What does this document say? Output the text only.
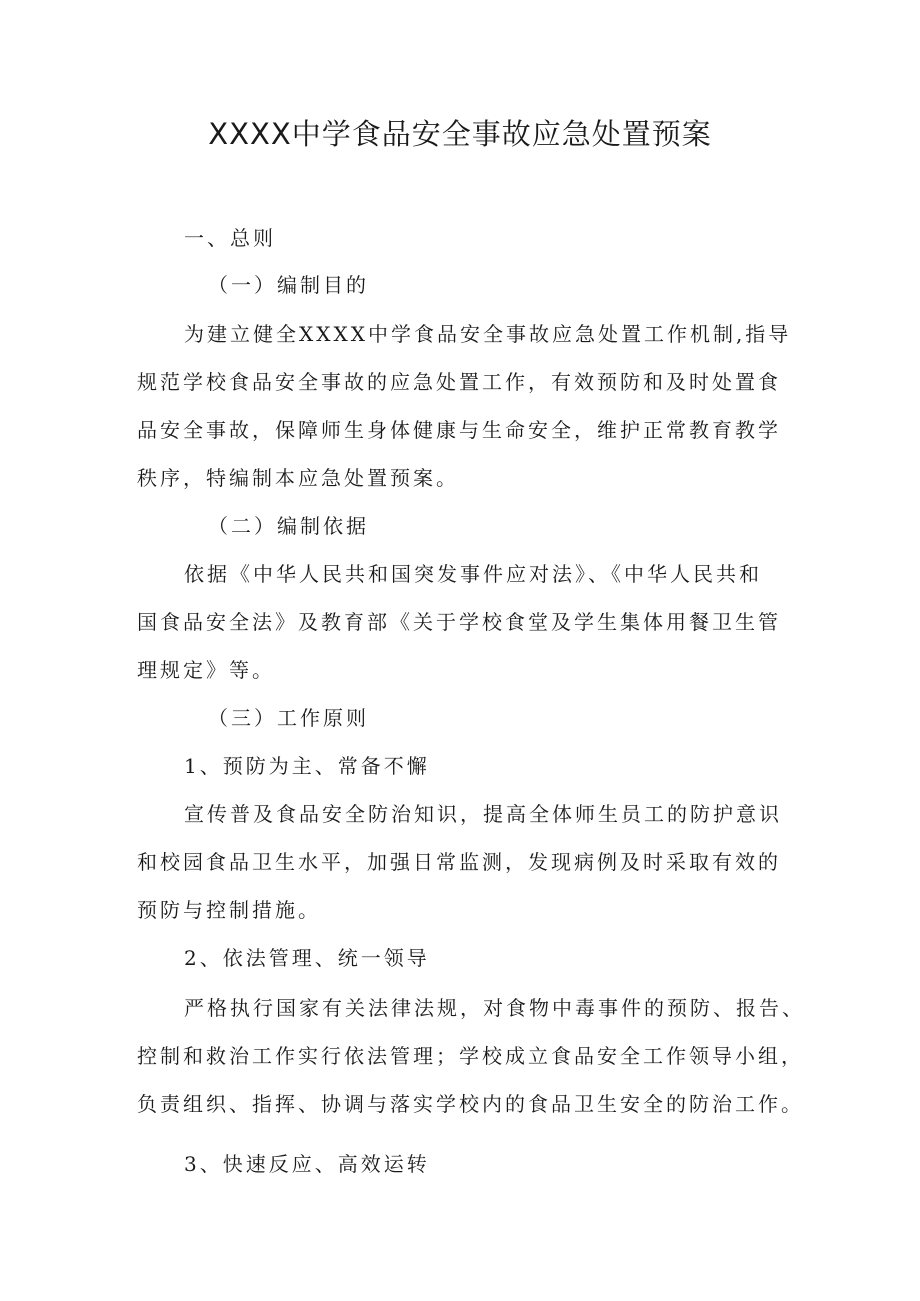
XXXX中学食品安全事故应急处置预案

一、总则

（一）编制目的

为建立健全XXXX中学食品安全事故应急处置工作机制,指导

规范学校食品安全事故的应急处置工作，有效预防和及时处置食

品安全事故，保障师生身体健康与生命安全，维护正常教育教学

秩序，特编制本应急处置预案。

（二）编制依据

依据《中华人民共和国突发事件应对法》、《中华人民共和

国食品安全法》及教育部《关于学校食堂及学生集体用餐卫生管

理规定》等。

（三）工作原则

1、预防为主、常备不懈

宣传普及食品安全防治知识，提高全体师生员工的防护意识

和校园食品卫生水平，加强日常监测，发现病例及时采取有效的

预防与控制措施。

2、依法管理、统一领导

严格执行国家有关法律法规，对食物中毒事件的预防、报告、

控制和救治工作实行依法管理；学校成立食品安全工作领导小组，

负责组织、指挥、协调与落实学校内的食品卫生安全的防治工作。

3、快速反应、高效运转
